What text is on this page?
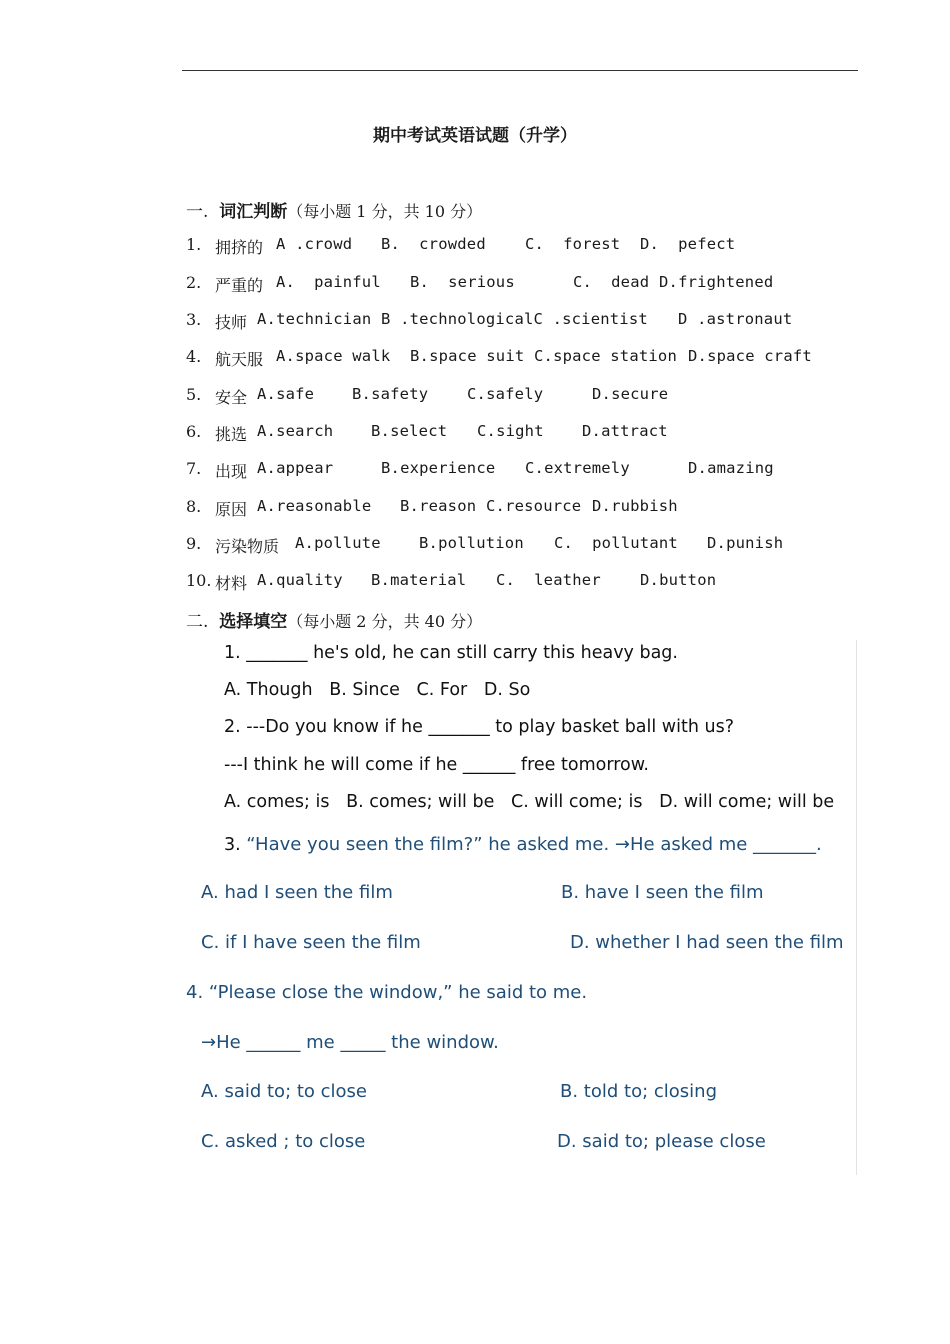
期中考试英语试题（升学）
一. 词汇判断（每小题 1 分，共 10 分）
1. 拥挤的 A .crowd B.  crowded	C.  forest D.  pefect
2. 严重的 A.  painful B.  serious	C.  dead D.frightened
3. 技师 A.technician B .technologicalC .scientist D .astronaut
4. 航天服 A.space walk B.space suit C.space station D.space craft
5. 安全 A.safe B.safety C.safely	D.secure
6. 挑选 A.search B.select C.sight D.attract
7. 出现 A.appear	B.experience C.extremely	D.amazing
8. 原因 A.reasonable B.reason C.resource D.rubbish
9. 污染物质 A.pollute B.pollution C.  pollutant D.punish
10. 材料 A.quality B.material C.  leather	D.button
二. 选择填空（每小题 2 分，共 40 分）
1. _______ he's old, he can still carry this heavy bag.
A. Though   B. Since   C. For   D. So
2. ---Do you know if he _______ to play basket ball with us?
---I think he will come if he ______ free tomorrow.
A. comes; is   B. comes; will be   C. will come; is   D. will come; will be
3. “Have you seen the film?” he asked me. →He asked me _______.
A. had I seen the film	B. have I seen the film
C. if I have seen the film	D. whether I had seen the film
4. “Please close the window,” he said to me.
→He ______ me _____ the window.
A. said to; to close	B. told to; closing
C. asked ; to close	D. said to; please close
